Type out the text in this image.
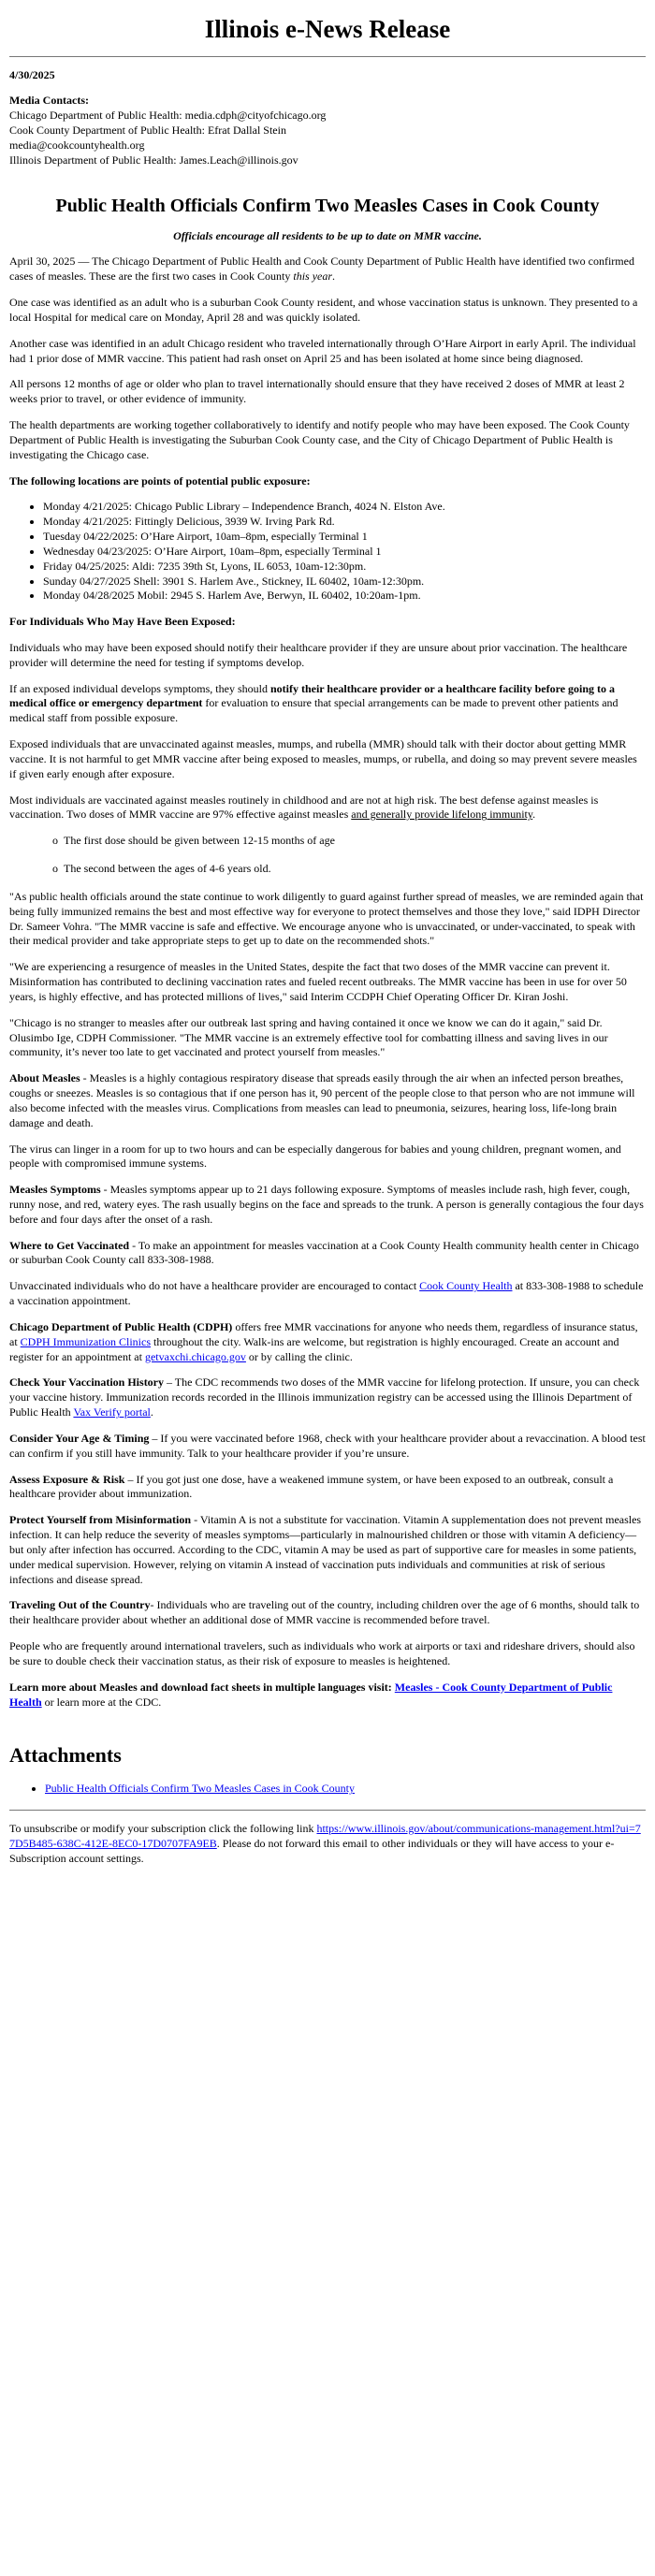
Illinois e-News Release
4/30/2025

Media Contacts:

Chicago Department of Public Health: media.cdph@cityofchicago.org

Cook County Department of Public Health: Efrat Dallal Stein

media@cookcountyhealth.org

Illinois Department of Public Health: James.Leach@illinois.gov

Public Health Officials Confirm Two Measles Cases in Cook County

Officials encourage all residents to be up to date on MMR vaccine.

April 30, 2025 — The Chicago Department of Public Health and Cook County Department of Public Health have identified two confirmed cases of measles. These are the first two cases in Cook County this year.

One case was identified as an adult who is a suburban Cook County resident, and whose vaccination status is unknown. They presented to a local Hospital for medical care on Monday, April 28 and was quickly isolated.

Another case was identified in an adult Chicago resident who traveled internationally through O’Hare Airport in early April. The individual had 1 prior dose of MMR vaccine. This patient had rash onset on April 25 and has been isolated at home since being diagnosed.

All persons 12 months of age or older who plan to travel internationally should ensure that they have received 2 doses of MMR at least 2 weeks prior to travel, or other evidence of immunity.

The health departments are working together collaboratively to identify and notify people who may have been exposed. The Cook County Department of Public Health is investigating the Suburban Cook County case, and the City of Chicago Department of Public Health is investigating the Chicago case.

The following locations are points of potential public exposure:

• Monday 4/21/2025: Chicago Public Library – Independence Branch, 4024 N. Elston Ave.
• Monday 4/21/2025: Fittingly Delicious, 3939 W. Irving Park Rd.
• Tuesday 04/22/2025: O’Hare Airport, 10am–8pm, especially Terminal 1
• Wednesday 04/23/2025: O’Hare Airport, 10am–8pm, especially Terminal 1
• Friday 04/25/2025: Aldi: 7235 39th St, Lyons, IL 6053, 10am-12:30pm.
• Sunday 04/27/2025 Shell: 3901 S. Harlem Ave., Stickney, IL 60402, 10am-12:30pm.
• Monday 04/28/2025 Mobil: 2945 S. Harlem Ave, Berwyn, IL 60402, 10:20am-1pm.

For Individuals Who May Have Been Exposed:

Individuals who may have been exposed should notify their healthcare provider if they are unsure about prior vaccination. The healthcare provider will determine the need for testing if symptoms develop.

If an exposed individual develops symptoms, they should notify their healthcare provider or a healthcare facility before going to a medical office or emergency department for evaluation to ensure that special arrangements can be made to prevent other patients and medical staff from possible exposure.

Exposed individuals that are unvaccinated against measles, mumps, and rubella (MMR) should talk with their doctor about getting MMR vaccine. It is not harmful to get MMR vaccine after being exposed to measles, mumps, or rubella, and doing so may prevent severe measles if given early enough after exposure.

Most individuals are vaccinated against measles routinely in childhood and are not at high risk. The best defense against measles is vaccination. Two doses of MMR vaccine are 97% effective against measles and generally provide lifelong immunity.

o The first dose should be given between 12-15 months of age
o The second between the ages of 4-6 years old.

"As public health officials around the state continue to work diligently to guard against further spread of measles, we are reminded again that being fully immunized remains the best and most effective way for everyone to protect themselves and those they love," said IDPH Director Dr. Sameer Vohra. "The MMR vaccine is safe and effective. We encourage anyone who is unvaccinated, or under-vaccinated, to speak with their medical provider and take appropriate steps to get up to date on the recommended shots."

"We are experiencing a resurgence of measles in the United States, despite the fact that two doses of the MMR vaccine can prevent it. Misinformation has contributed to declining vaccination rates and fueled recent outbreaks. The MMR vaccine has been in use for over 50 years, is highly effective, and has protected millions of lives," said Interim CCDPH Chief Operating Officer Dr. Kiran Joshi.

"Chicago is no stranger to measles after our outbreak last spring and having contained it once we know we can do it again," said Dr. Olusimbo Ige, CDPH Commissioner. "The MMR vaccine is an extremely effective tool for combatting illness and saving lives in our community, it’s never too late to get vaccinated and protect yourself from measles."

About Measles - Measles is a highly contagious respiratory disease that spreads easily through the air when an infected person breathes, coughs or sneezes. Measles is so contagious that if one person has it, 90 percent of the people close to that person who are not immune will also become infected with the measles virus. Complications from measles can lead to pneumonia, seizures, hearing loss, life-long brain damage and death.

The virus can linger in a room for up to two hours and can be especially dangerous for babies and young children, pregnant women, and people with compromised immune systems.

Measles Symptoms - Measles symptoms appear up to 21 days following exposure. Symptoms of measles include rash, high fever, cough, runny nose, and red, watery eyes. The rash usually begins on the face and spreads to the trunk. A person is generally contagious the four days before and four days after the onset of a rash.

Where to Get Vaccinated - To make an appointment for measles vaccination at a Cook County Health community health center in Chicago or suburban Cook County call 833-308-1988.

Unvaccinated individuals who do not have a healthcare provider are encouraged to contact Cook County Health at 833-308-1988 to schedule a vaccination appointment.

Chicago Department of Public Health (CDPH) offers free MMR vaccinations for anyone who needs them, regardless of insurance status, at CDPH Immunization Clinics throughout the city. Walk-ins are welcome, but registration is highly encouraged. Create an account and register for an appointment at getvaxchi.chicago.gov or by calling the clinic.

Check Your Vaccination History – The CDC recommends two doses of the MMR vaccine for lifelong protection. If unsure, you can check your vaccine history. Immunization records recorded in the Illinois immunization registry can be accessed using the Illinois Department of Public Health Vax Verify portal.

Consider Your Age & Timing – If you were vaccinated before 1968, check with your healthcare provider about a revaccination. A blood test can confirm if you still have immunity. Talk to your healthcare provider if you’re unsure.

Assess Exposure & Risk – If you got just one dose, have a weakened immune system, or have been exposed to an outbreak, consult a healthcare provider about immunization.

Protect Yourself from Misinformation - Vitamin A is not a substitute for vaccination. Vitamin A supplementation does not prevent measles infection. It can help reduce the severity of measles symptoms—particularly in malnourished children or those with vitamin A deficiency—but only after infection has occurred. According to the CDC, vitamin A may be used as part of supportive care for measles in some patients, under medical supervision. However, relying on vitamin A instead of vaccination puts individuals and communities at risk of serious infections and disease spread.

Traveling Out of the Country- Individuals who are traveling out of the country, including children over the age of 6 months, should talk to their healthcare provider about whether an additional dose of MMR vaccine is recommended before travel.

People who are frequently around international travelers, such as individuals who work at airports or taxi and rideshare drivers, should also be sure to double check their vaccination status, as their risk of exposure to measles is heightened.

Learn more about Measles and download fact sheets in multiple languages visit: Measles - Cook County Department of Public Health or learn more at the CDC.

Attachments
• Public Health Officials Confirm Two Measles Cases in Cook County

To unsubscribe or modify your subscription click the following link https://www.illinois.gov/about/communications-management.html?ui=77D5B485-638C-412E-8EC0-17D0707FA9EB. Please do not forward this email to other individuals or they will have access to your e-Subscription account settings.
